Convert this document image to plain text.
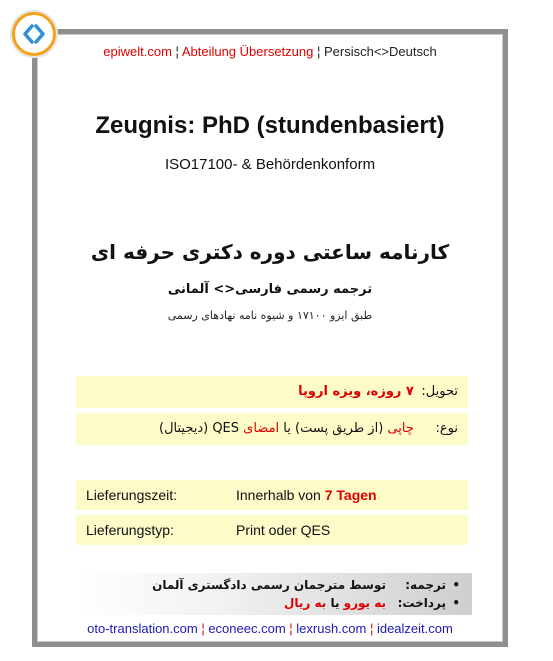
epiwelt.com ¦ Abteilung Übersetzung ¦ Persisch<>Deutsch
Zeugnis: PhD (stundenbasiert)
ISO17100- & Behördenkonform
کارنامه ساعتی دوره دکتری حرفه ای
ترجمه رسمی فارسی<> آلمانی
طبق ایزو ۱۷۱۰۰ و شیوه نامه نهادهای رسمی
تحویل: ۷ روزه، ویزه اروپا
نوع: چاپی (از طریق پست) یا امضای QES (دیجیتال)
Lieferungszeit:	Innerhalb von 7 Tagen
Lieferungstyp:	Print oder QES
•ترجمه:توسط مترجمان رسمی دادگستری آلمان
•پرداخت:به یورو یا به ریال
oto-translation.com ¦ econeec.com ¦ lexrush.com ¦ idealzeit.com
